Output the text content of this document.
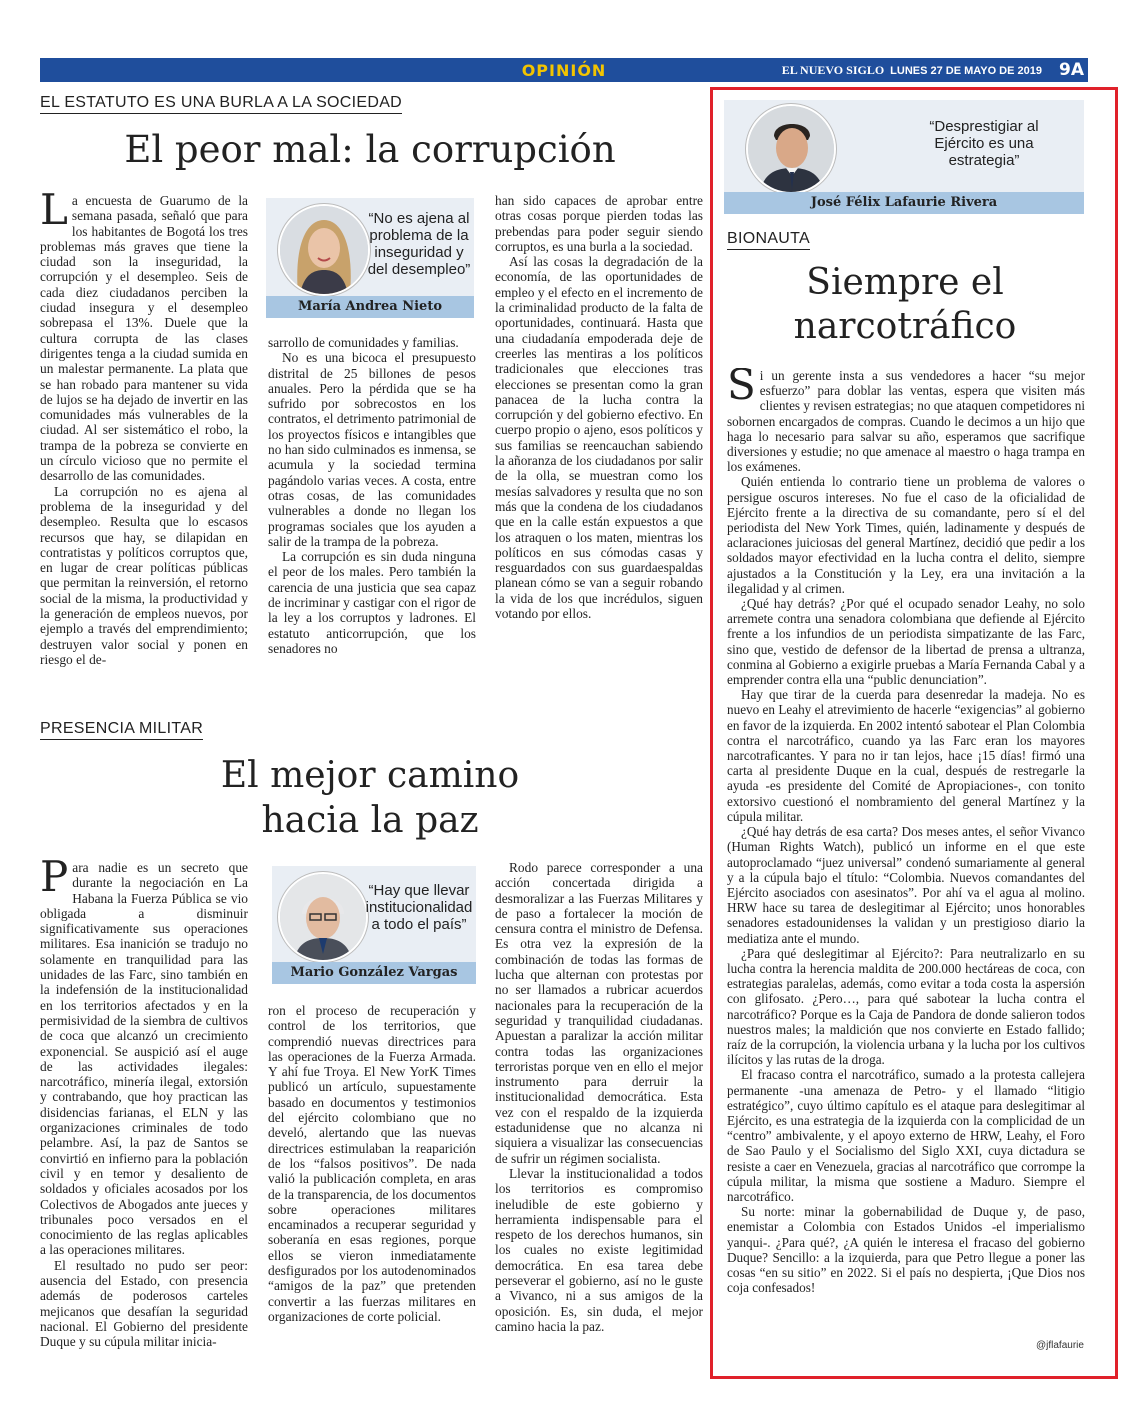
OPINIÓN	EL NUEVO SIGLO LUNES 27 DE MAYO DE 2019 9A
EL ESTATUTO ES UNA BURLA A LA SOCIEDAD
El peor mal: la corrupción

La encuesta de Guarumo de la semana pasada, señaló que para los habitantes de Bogotá los tres problemas más graves que tiene la ciudad son la inseguridad, la corrupción y el desempleo. Seis de cada diez ciudadanos perciben la ciudad insegura y el desempleo sobrepasa el 13%. Duele que la cultura corrupta de las clases dirigentes tenga a la ciudad sumida en un malestar permanente. La plata que se han robado para mantener su vida de lujos se ha dejado de invertir en las comunidades más vulnerables de la ciudad. Al ser sistemático el robo, la trampa de la pobreza se convierte en un círculo vicioso que no permite el desarrollo de las comunidades.

La corrupción no es ajena al problema de la inseguridad y del desempleo. Resulta que lo escasos recursos que hay, se dilapidan en contratistas y políticos corruptos que, en lugar de crear políticas públicas que permitan la reinversión, el retorno social de la misma, la productividad y la generación de empleos nuevos, por ejemplo a través del emprendimiento; destruyen valor social y ponen en riesgo el de-

“No es ajena al problema de la inseguridad y del desempleo”
María Andrea Nieto

sarrollo de comunidades y familias.

No es una bicoca el presupuesto distrital de 25 billones de pesos anuales. Pero la pérdida que se ha sufrido por sobrecostos en los contratos, el detrimento patrimonial de los proyectos físicos e intangibles que no han sido culminados es inmensa, se acumula y la sociedad termina pagándolo varias veces. A costa, entre otras cosas, de las comunidades vulnerables a donde no llegan los programas sociales que los ayuden a salir de la trampa de la pobreza.

La corrupción es sin duda ninguna el peor de los males. Pero también la carencia de una justicia que sea capaz de incriminar y castigar con el rigor de la ley a los corruptos y ladrones. El estatuto anticorrupción, que los senadores no

han sido capaces de aprobar entre otras cosas porque pierden todas las prebendas para poder seguir siendo corruptos, es una burla a la sociedad.

Así las cosas la degradación de la economía, de las oportunidades de empleo y el efecto en el incremento de la criminalidad producto de la falta de oportunidades, continuará. Hasta que una ciudadanía empoderada deje de creerles las mentiras a los políticos tradicionales que elecciones tras elecciones se presentan como la gran panacea de la lucha contra la corrupción y del gobierno efectivo. En cuerpo propio o ajeno, esos políticos y sus familias se reencauchan sabiendo la añoranza de los ciudadanos por salir de la olla, se muestran como los mesías salvadores y resulta que no son más que la condena de los ciudadanos que en la calle están expuestos a que los atraquen o los maten, mientras los políticos en sus cómodas casas y resguardados con sus guardaespaldas planean cómo se van a seguir robando la vida de los que incrédulos, siguen votando por ellos.

PRESENCIA MILITAR
El mejor camino
hacia la paz

Para nadie es un secreto que durante la negociación en La Habana la Fuerza Pública se vio obligada a disminuir significativamente sus operaciones militares. Esa inanición se tradujo no solamente en tranquilidad para las unidades de las Farc, sino también en la indefensión de la institucionalidad en los territorios afectados y en la permisividad de la siembra de cultivos de coca que alcanzó un crecimiento exponencial. Se auspició así el auge de las actividades ilegales: narcotráfico, minería ilegal, extorsión y contrabando, que hoy practican las disidencias farianas, el ELN y las organizaciones criminales de todo pelambre. Así, la paz de Santos se convirtió en infierno para la población civil y en temor y desaliento de soldados y oficiales acosados por los Colectivos de Abogados ante jueces y tribunales poco versados en el conocimiento de las reglas aplicables a las operaciones militares.

El resultado no pudo ser peor: ausencia del Estado, con presencia además de poderosos carteles mejicanos que desafían la seguridad nacional. El Gobierno del presidente Duque y su cúpula militar inicia-

“Hay que llevar institucionalidad a todo el país”
Mario González Vargas

ron el proceso de recuperación y control de los territorios, que comprendió nuevas directrices para las operaciones de la Fuerza Armada. Y ahí fue Troya. El New YorK Times publicó un artículo, supuestamente basado en documentos y testimonios del ejército colombiano que no develó, alertando que las nuevas directrices estimulaban la reaparición de los “falsos positivos”. De nada valió la publicación completa, en aras de la transparencia, de los documentos sobre operaciones militares encaminados a recuperar seguridad y soberanía en esas regiones, porque ellos se vieron inmediatamente desfigurados por los autodenominados “amigos de la paz” que pretenden convertir a las fuerzas militares en organizaciones de corte policial.

Rodo parece corresponder a una acción concertada dirigida a desmoralizar a las Fuerzas Militares y de paso a fortalecer la moción de censura contra el ministro de Defensa. Es otra vez la expresión de la combinación de todas las formas de lucha que alternan con protestas por no ser llamados a rubricar acuerdos nacionales para la recuperación de la seguridad y tranquilidad ciudadanas. Apuestan a paralizar la acción militar contra todas las organizaciones terroristas porque ven en ello el mejor instrumento para derruir la institucionalidad democrática. Esta vez con el respaldo de la izquierda estadunidense que no alcanza ni siquiera a visualizar las consecuencias de sufrir un régimen socialista.

Llevar la institucionalidad a todos los territorios es compromiso ineludible de este gobierno y herramienta indispensable para el respeto de los derechos humanos, sin los cuales no existe legitimidad democrática. En esa tarea debe perseverar el gobierno, así no le guste a Vivanco, ni a sus amigos de la oposición. Es, sin duda, el mejor camino hacia la paz.

“Desprestigiar al Ejército es una estrategia”
José Félix Lafaurie Rivera
BIONAUTA
Siempre el
narcotráfico

Si un gerente insta a sus vendedores a hacer “su mejor esfuerzo” para doblar las ventas, espera que visiten más clientes y revisen estrategias; no que ataquen competidores ni sobornen encargados de compras. Cuando le decimos a un hijo que haga lo necesario para salvar su año, esperamos que sacrifique diversiones y estudie; no que amenace al maestro o haga trampa en los exámenes.

Quién entienda lo contrario tiene un problema de valores o persigue oscuros intereses. No fue el caso de la oficialidad de Ejército frente a la directiva de su comandante, pero sí el del periodista del New York Times, quién, ladinamente y después de aclaraciones juiciosas del general Martínez, decidió que pedir a los soldados mayor efectividad en la lucha contra el delito, siempre ajustados a la Constitución y la Ley, era una invitación a la ilegalidad y al crimen.

¿Qué hay detrás? ¿Por qué el ocupado senador Leahy, no solo arremete contra una senadora colombiana que defiende al Ejército frente a los infundios de un periodista simpatizante de las Farc, sino que, vestido de defensor de la libertad de prensa a ultranza, conmina al Gobierno a exigirle pruebas a María Fernanda Cabal y a emprender contra ella una “public denunciation”.

Hay que tirar de la cuerda para desenredar la madeja. No es nuevo en Leahy el atrevimiento de hacerle “exigencias” al gobierno en favor de la izquierda. En 2002 intentó sabotear el Plan Colombia contra el narcotráfico, cuando ya las Farc eran los mayores narcotraficantes. Y para no ir tan lejos, hace ¡15 días! firmó una carta al presidente Duque en la cual, después de restregarle la ayuda -es presidente del Comité de Apropiaciones-, con tonito extorsivo cuestionó el nombramiento del general Martínez y la cúpula militar.

¿Qué hay detrás de esa carta? Dos meses antes, el señor Vivanco (Human Rights Watch), publicó un informe en el que este autoproclamado “juez universal” condenó sumariamente al general y a la cúpula bajo el título: “Colombia. Nuevos comandantes del Ejército asociados con asesinatos”. Por ahí va el agua al molino. HRW hace su tarea de deslegitimar al Ejército; unos honorables senadores estadounidenses la validan y un prestigioso diario la mediatiza ante el mundo.

¿Para qué deslegitimar al Ejército?: Para neutralizarlo en su lucha contra la herencia maldita de 200.000 hectáreas de coca, con estrategias paralelas, además, como evitar a toda costa la aspersión con glifosato. ¿Pero…, para qué sabotear la lucha contra el narcotráfico? Porque es la Caja de Pandora de donde salieron todos nuestros males; la maldición que nos convierte en Estado fallido; raíz de la corrupción, la violencia urbana y la lucha por los cultivos ilícitos y las rutas de la droga.

El fracaso contra el narcotráfico, sumado a la protesta callejera permanente -una amenaza de Petro- y el llamado “litigio estratégico”, cuyo último capítulo es el ataque para deslegitimar al Ejército, es una estrategia de la izquierda con la complicidad de un “centro” ambivalente, y el apoyo externo de HRW, Leahy, el Foro de Sao Paulo y el Socialismo del Siglo XXI, cuya dictadura se resiste a caer en Venezuela, gracias al narcotráfico que corrompe la cúpula militar, la misma que sostiene a Maduro. Siempre el narcotráfico.

Su norte: minar la gobernabilidad de Duque y, de paso, enemistar a Colombia con Estados Unidos -el imperialismo yanqui-. ¿Para qué?, ¿A quién le interesa el fracaso del gobierno Duque? Sencillo: a la izquierda, para que Petro llegue a poner las cosas “en su sitio” en 2022. Si el país no despierta, ¡Que Dios nos coja confesados!

@jflafaurie
